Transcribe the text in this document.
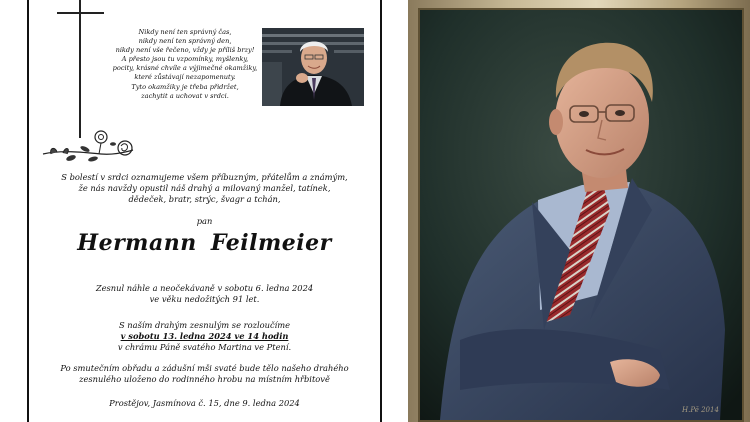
Nikdy není ten správný čas,
nikdy není ten správný den,
nikdy není vše řečeno, vždy je příliš brzy!
A přesto jsou tu vzpomínky, myšlenky,
pocity, krásné chvíle a výjimečné okamžiky,
které zůstávají nezapomenuty.
Tyto okamžiky je třeba přidržet,
zachytit a uchovat v srdci.
S bolestí v srdci oznamujeme všem příbuzným, přátelům a známým,
že nás navždy opustil náš drahý a milovaný manžel, tatínek,
dědeček, bratr, strýc, švagr a tchán,
pan
Hermann Feilmeier
Zesnul náhle a neočekávaně v sobotu 6. ledna 2024
ve věku nedožitých 91 let.
S naším drahým zesnulým se rozloučíme
v sobotu 13. ledna 2024 ve 14 hodin
v chrámu Páně svatého Martina ve Ptení.
Po smutečním obřadu a zádušní mši svaté bude tělo našeho drahého
zesnulého uloženo do rodinného hrobu na místním hřbitově
Prostějov, Jasmínova č. 15, dne 9. ledna 2024
H.Pě 2014
